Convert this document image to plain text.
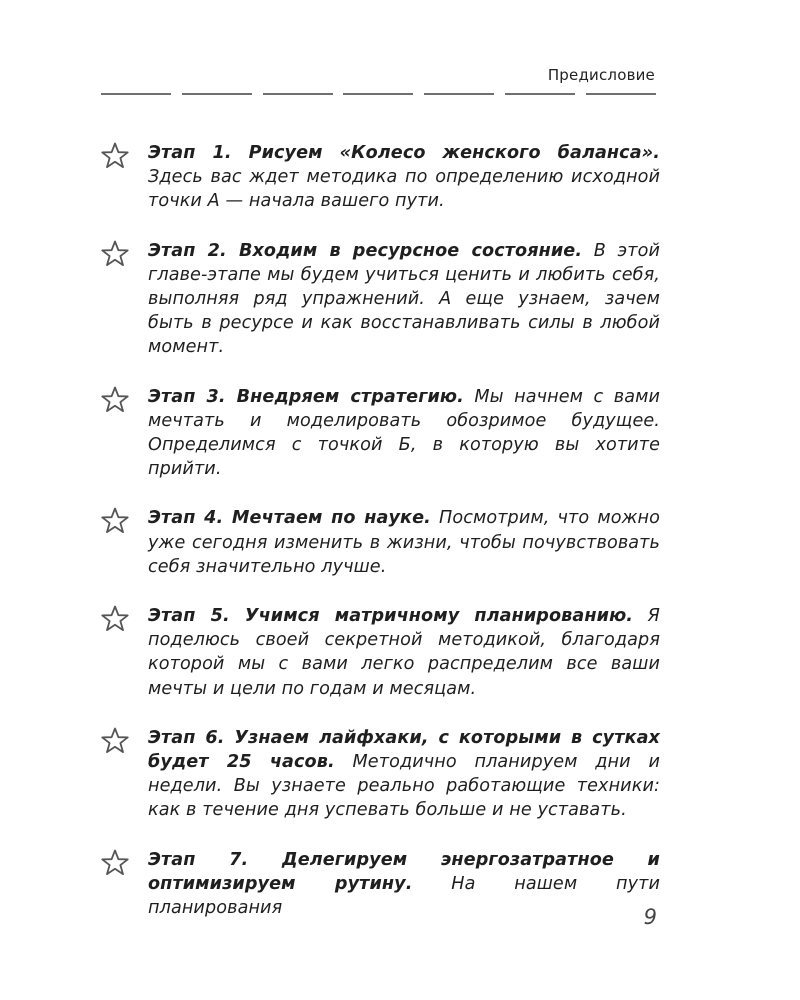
Предисловие
Этап 1. Рисуем «Колесо женского баланса». Здесь вас ждет методика по определению исходной точки А — начала вашего пути.
Этап 2. Входим в ресурсное состояние. В этой главе-этапе мы будем учиться ценить и любить себя, выполняя ряд упражнений. А еще узнаем, зачем быть в ресурсе и как восстанавливать силы в любой момент.
Этап 3. Внедряем стратегию. Мы начнем с вами мечтать и моделировать обозримое будущее. Определимся с точкой Б, в которую вы хотите прийти.
Этап 4. Мечтаем по науке. Посмотрим, что можно уже сегодня изменить в жизни, чтобы почувствовать себя значительно лучше.
Этап 5. Учимся матричному планированию. Я поделюсь своей секретной методикой, благодаря которой мы с вами легко распределим все ваши мечты и цели по годам и месяцам.
Этап 6. Узнаем лайфхаки, с которыми в сутках будет 25 часов. Методично планируем дни и недели. Вы узнаете реально работающие техники: как в течение дня успевать больше и не уставать.
Этап 7. Делегируем энергозатратное и оптимизируем рутину. На нашем пути планирования	9
